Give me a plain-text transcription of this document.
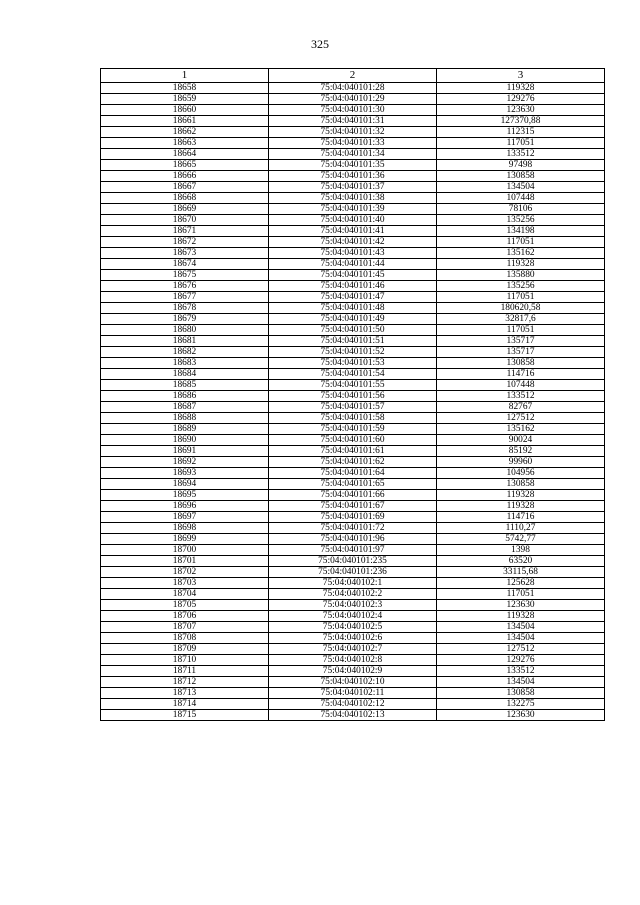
325
1	2	3
18658	75:04:040101:28	119328
18659	75:04:040101:29	129276
18660	75:04:040101:30	123630
18661	75:04:040101:31	127370,88
18662	75:04:040101:32	112315
18663	75:04:040101:33	117051
18664	75:04:040101:34	133512
18665	75:04:040101:35	97498
18666	75:04:040101:36	130858
18667	75:04:040101:37	134504
18668	75:04:040101:38	107448
18669	75:04:040101:39	78106
18670	75:04:040101:40	135256
18671	75:04:040101:41	134198
18672	75:04:040101:42	117051
18673	75:04:040101:43	135162
18674	75:04:040101:44	119328
18675	75:04:040101:45	135880
18676	75:04:040101:46	135256
18677	75:04:040101:47	117051
18678	75:04:040101:48	180620,58
18679	75:04:040101:49	32817,6
18680	75:04:040101:50	117051
18681	75:04:040101:51	135717
18682	75:04:040101:52	135717
18683	75:04:040101:53	130858
18684	75:04:040101:54	114716
18685	75:04:040101:55	107448
18686	75:04:040101:56	133512
18687	75:04:040101:57	82767
18688	75:04:040101:58	127512
18689	75:04:040101:59	135162
18690	75:04:040101:60	90024
18691	75:04:040101:61	85192
18692	75:04:040101:62	99960
18693	75:04:040101:64	104956
18694	75:04:040101:65	130858
18695	75:04:040101:66	119328
18696	75:04:040101:67	119328
18697	75:04:040101:69	114716
18698	75:04:040101:72	1110,27
18699	75:04:040101:96	5742,77
18700	75:04:040101:97	1398
18701	75:04:040101:235	63520
18702	75:04:040101:236	33115,68
18703	75:04:040102:1	125628
18704	75:04:040102:2	117051
18705	75:04:040102:3	123630
18706	75:04:040102:4	119328
18707	75:04:040102:5	134504
18708	75:04:040102:6	134504
18709	75:04:040102:7	127512
18710	75:04:040102:8	129276
18711	75:04:040102:9	133512
18712	75:04:040102:10	134504
18713	75:04:040102:11	130858
18714	75:04:040102:12	132275
18715	75:04:040102:13	123630
